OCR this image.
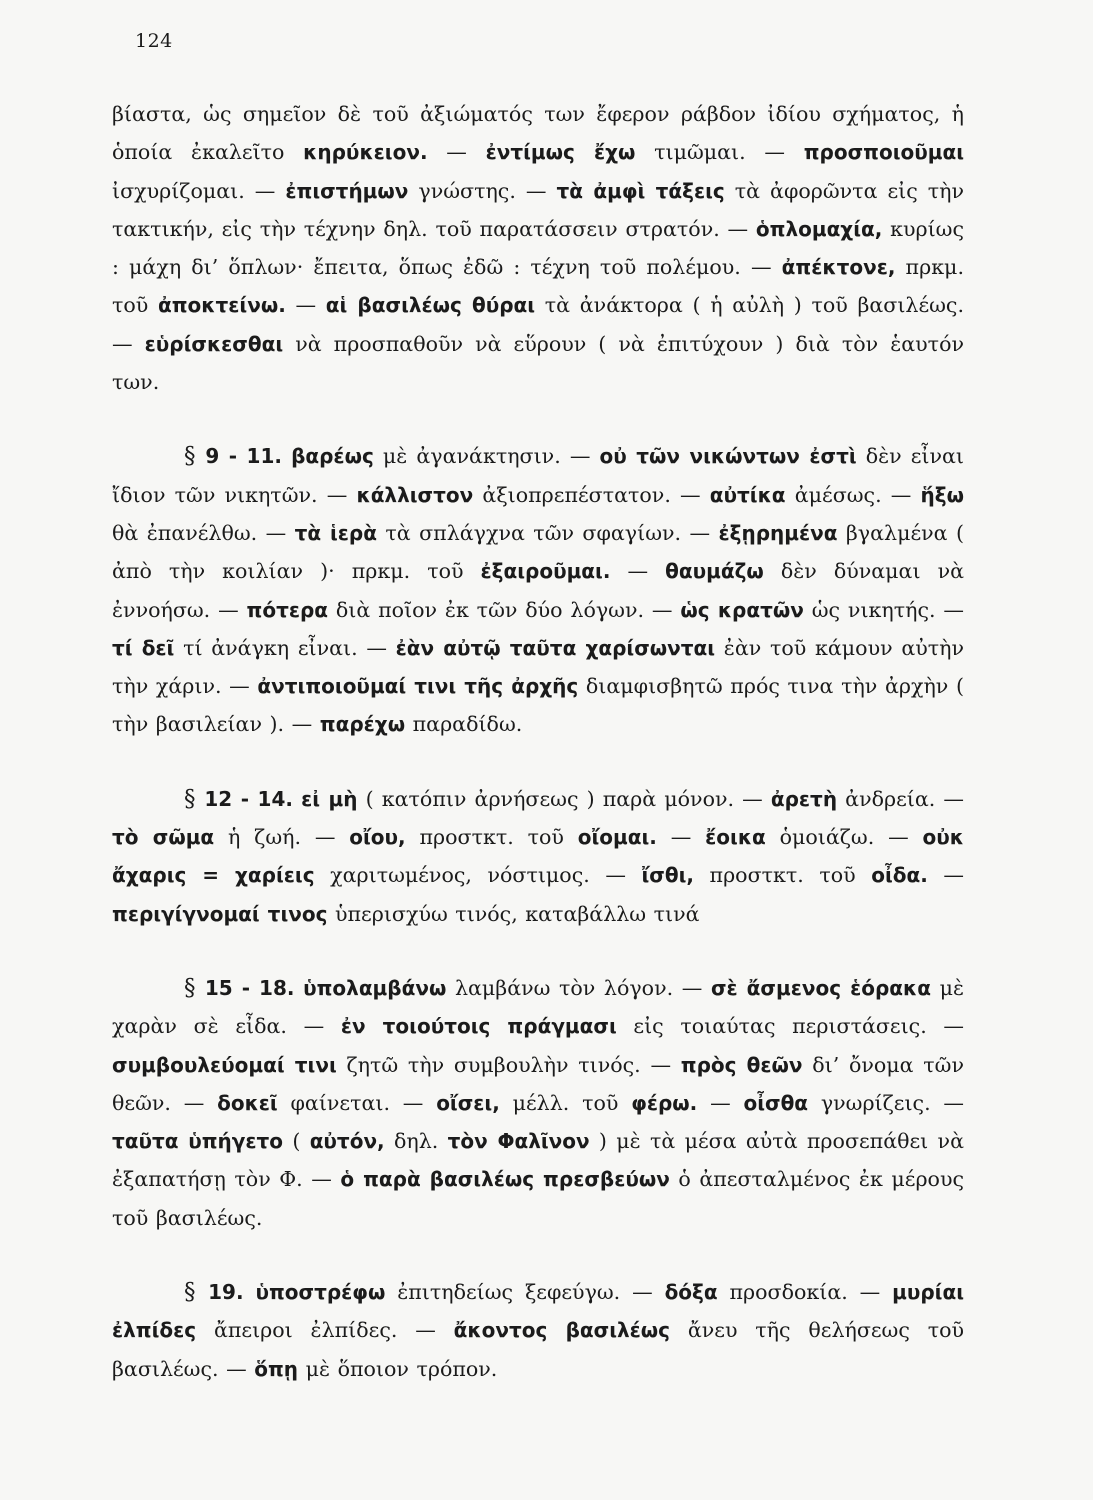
124

βίαστα, ὡς σημεῖον δὲ τοῦ ἀξιώματός των ἔφερον ράβδον ἰδίου σχήματος, ἡ ὁποία ἐκαλεῖτο κηρύκειον. — ἐντίμως ἔχω τιμῶμαι. — προσποιοῦμαι ἰσχυρίζομαι. — ἐπιστήμων γνώστης. — τὰ ἀμφὶ τάξεις τὰ ἀφορῶντα εἰς τὴν τακτικήν, εἰς τὴν τέχνην δηλ. τοῦ παρατάσσειν στρατόν. — ὁπλομαχία, κυρίως : μάχη δι’ ὅπλων· ἔπειτα, ὅπως ἐδῶ : τέχνη τοῦ πολέμου. — ἀπέκτονε, πρκμ. τοῦ ἀποκτείνω. — αἱ βασιλέως θύραι τὰ ἀνάκτορα ( ἡ αὐλὴ ) τοῦ βασιλέως. — εὑρίσκεσθαι νὰ προσπαθοῦν νὰ εὕρουν ( νὰ ἐπιτύχουν ) διὰ τὸν ἑαυτόν των.

§ 9 - 11. βαρέως μὲ ἀγανάκτησιν. — οὐ τῶν νικώντων ἐστὶ δὲν εἶναι ἴδιον τῶν νικητῶν. — κάλλιστον ἀξιοπρεπέστατον. — αὐτίκα ἀμέσως. — ἥξω θὰ ἐπανέλθω. — τὰ ἱερὰ τὰ σπλάγχνα τῶν σφαγίων. — ἐξῃρημένα βγαλμένα ( ἀπὸ τὴν κοιλίαν )· πρκμ. τοῦ ἐξαιροῦμαι. — θαυμάζω δὲν δύναμαι νὰ ἐννοήσω. — πότερα διὰ ποῖον ἐκ τῶν δύο λόγων. — ὡς κρατῶν ὡς νικητής. — τί δεῖ τί ἀνάγκη εἶναι. — ἐὰν αὐτῷ ταῦτα χαρίσωνται ἐὰν τοῦ κάμουν αὐτὴν τὴν χάριν. — ἀντιποιοῦμαί τινι τῆς ἀρχῆς διαμφισβητῶ πρός τινα τὴν ἀρχὴν ( τὴν βασιλείαν ). — παρέχω παραδίδω.

§ 12 - 14. εἰ μὴ ( κατόπιν ἀρνήσεως ) παρὰ μόνον. — ἀρετὴ ἀνδρεία. — τὸ σῶμα ἡ ζωή. — οἴου, προστκτ. τοῦ οἴομαι. — ἔοικα ὁμοιάζω. — οὐκ ἄχαρις = χαρίεις χαριτωμένος, νόστιμος. — ἴσθι, προστκτ. τοῦ οἶδα. — περιγίγνομαί τινος ὑπερισχύω τινός, καταβάλλω τινά

§ 15 - 18. ὑπολαμβάνω λαμβάνω τὸν λόγον. — σὲ ἄσμενος ἑόρακα μὲ χαρὰν σὲ εἶδα. — ἐν τοιούτοις πράγμασι εἰς τοιαύτας περιστάσεις. — συμβουλεύομαί τινι ζητῶ τὴν συμβουλὴν τινός. — πρὸς θεῶν δι’ ὄνομα τῶν θεῶν. — δοκεῖ φαίνεται. — οἴσει, μέλλ. τοῦ φέρω. — οἶσθα γνωρίζεις. — ταῦτα ὑπήγετο ( αὐτόν, δηλ. τὸν Φαλῖνον ) μὲ τὰ μέσα αὐτὰ προσεπάθει νὰ ἐξαπατήσῃ τὸν Φ. — ὁ παρὰ βασιλέως πρεσβεύων ὁ ἀπεσταλμένος ἐκ μέρους τοῦ βασιλέως.

§ 19. ὑποστρέφω ἐπιτηδείως ξεφεύγω. — δόξα προσδοκία. — μυρίαι ἐλπίδες ἄπειροι ἐλπίδες. — ἄκοντος βασιλέως ἄνευ τῆς θελήσεως τοῦ βασιλέως. — ὅπῃ μὲ ὅποιον τρόπον.
